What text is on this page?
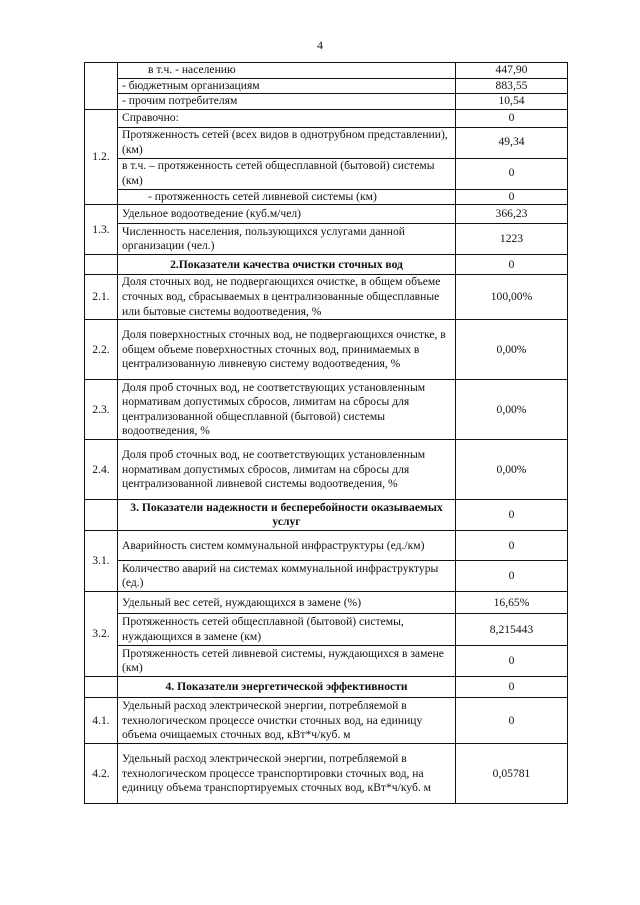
4
	в т.ч. - населению	447,90
	- бюджетным организациям	883,55
	- прочим потребителям	10,54
1.2.	Справочно:	0
	Протяженность сетей (всех видов в однотрубном представлении), (км)	49,34
	в т.ч. – протяженность сетей общесплавной (бытовой) системы (км)	0
	- протяженность сетей ливневой системы (км)	0
1.3.	Удельное водоотведение (куб.м/чел)	366,23
	Численность населения, пользующихся услугами данной организации (чел.)	1223
	2.Показатели качества очистки сточных вод	0
2.1.	Доля сточных вод, не подвергающихся очистке, в общем объеме сточных вод, сбрасываемых в централизованные общесплавные или бытовые системы водоотведения, %	100,00%
2.2.	Доля поверхностных сточных вод, не подвергающихся очистке, в общем объеме поверхностных сточных вод, принимаемых в централизованную ливневую систему водоотведения, %	0,00%
2.3.	Доля проб сточных вод, не соответствующих установленным нормативам допустимых сбросов, лимитам на сбросы для централизованной общесплавной (бытовой) системы водоотведения, %	0,00%
2.4.	Доля проб сточных вод, не соответствующих установленным нормативам допустимых сбросов, лимитам на сбросы для централизованной ливневой системы водоотведения, %	0,00%
	3. Показатели надежности и бесперебойности оказываемых услуг	0
3.1.	Аварийность систем коммунальной инфраструктуры (ед./км)	0
	Количество аварий на системах коммунальной инфраструктуры (ед.)	0
3.2.	Удельный вес сетей, нуждающихся в замене (%)	16,65%
	Протяженность сетей общесплавной (бытовой) системы, нуждающихся в замене (км)	8,215443
	Протяженность сетей ливневой системы, нуждающихся в замене (км)	0
	4. Показатели энергетической эффективности	0
4.1.	Удельный расход электрической энергии, потребляемой в технологическом процессе очистки сточных вод, на единицу объема очищаемых сточных вод, кВт*ч/куб. м	0
4.2.	Удельный расход электрической энергии, потребляемой в технологическом процессе транспортировки сточных вод, на единицу объема транспортируемых сточных вод, кВт*ч/куб. м	0,05781
